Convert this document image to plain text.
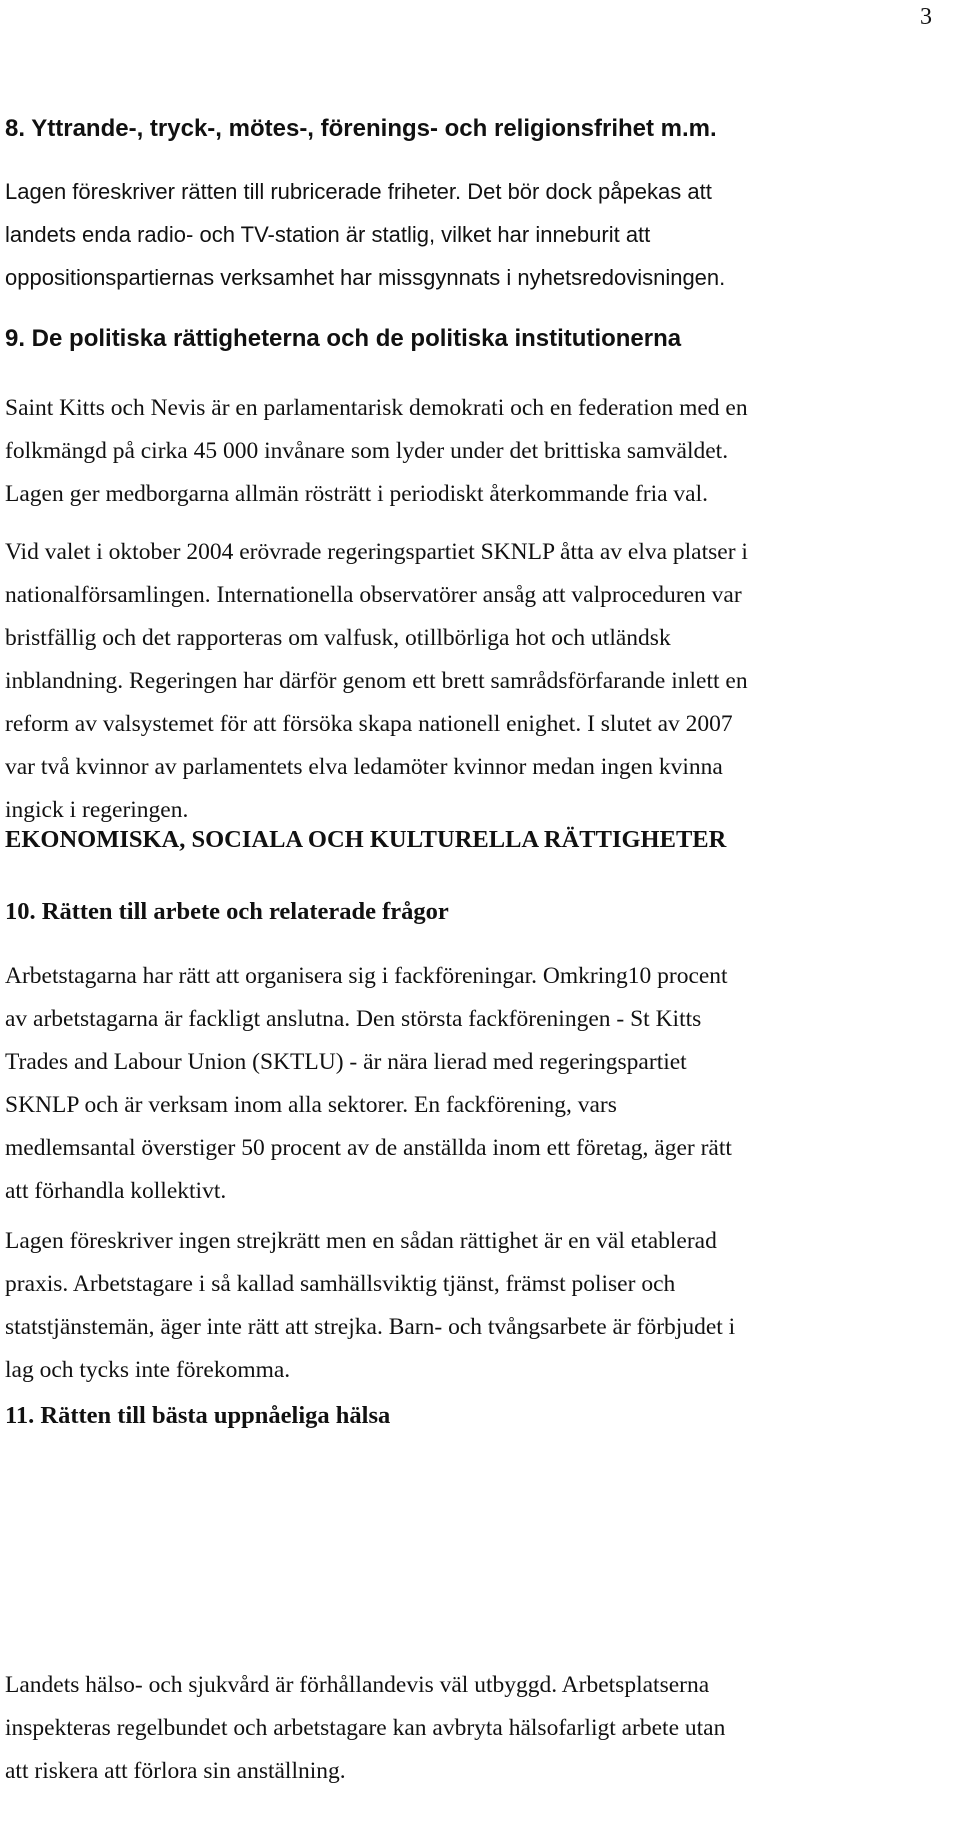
3
8. Yttrande-, tryck-, mötes-, förenings- och religionsfrihet m.m.

Lagen föreskriver rätten till rubricerade friheter. Det bör dock påpekas att
landets enda radio- och TV-station är statlig, vilket har inneburit att
oppositionspartiernas verksamhet har missgynnats i nyhetsredovisningen.

9. De politiska rättigheterna och de politiska institutionerna

Saint Kitts och Nevis är en parlamentarisk demokrati och en federation med en
folkmängd på cirka 45 000 invånare som lyder under det brittiska samväldet.
Lagen ger medborgarna allmän rösträtt i periodiskt återkommande fria val.

Vid valet i oktober 2004 erövrade regeringspartiet SKNLP åtta av elva platser i
nationalförsamlingen. Internationella observatörer ansåg att valproceduren var
bristfällig och det rapporteras om valfusk, otillbörliga hot och utländsk
inblandning. Regeringen har därför genom ett brett samrådsförfarande inlett en
reform av valsystemet för att försöka skapa nationell enighet. I slutet av 2007
var två kvinnor av parlamentets elva ledamöter kvinnor medan ingen kvinna
ingick i regeringen.

EKONOMISKA, SOCIALA OCH KULTURELLA RÄTTIGHETER
10. Rätten till arbete och relaterade frågor

Arbetstagarna har rätt att organisera sig i fackföreningar. Omkring10 procent
av arbetstagarna är fackligt anslutna. Den största fackföreningen - St Kitts
Trades and Labour Union (SKTLU) - är nära lierad med regeringspartiet
SKNLP och är verksam inom alla sektorer. En fackförening, vars
medlemsantal överstiger 50 procent av de anställda inom ett företag, äger rätt
att förhandla kollektivt.

Lagen föreskriver ingen strejkrätt men en sådan rättighet är en väl etablerad
praxis. Arbetstagare i så kallad samhällsviktig tjänst, främst poliser och
statstjänstemän, äger inte rätt att strejka. Barn- och tvångsarbete är förbjudet i
lag och tycks inte förekomma.

11. Rätten till bästa uppnåeliga hälsa

Landets hälso- och sjukvård är förhållandevis väl utbyggd. Arbetsplatserna
inspekteras regelbundet och arbetstagare kan avbryta hälsofarligt arbete utan
att riskera att förlora sin anställning.
